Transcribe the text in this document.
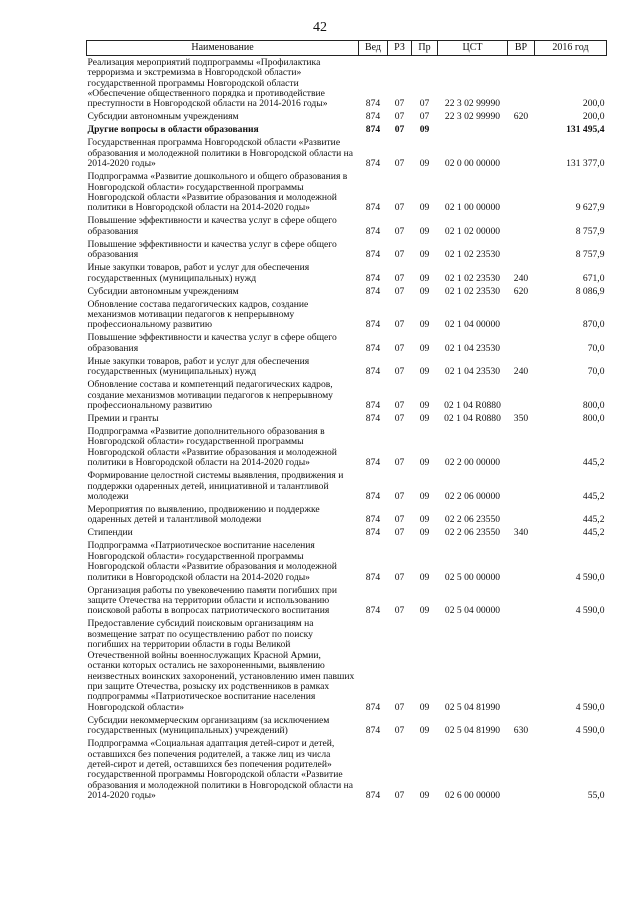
42
Наименование	Вед	РЗ	Пр	ЦСТ	ВР	2016 год
Реализация мероприятий подпрограммы «Профилактика терроризма и экстремизма в Новгородской области» государственной программы Новгородской области «Обеспечение общественного порядка и противодействие преступности в Новгородской области на 2014-2016 годы»	874	07	07	22 3 02 99990		200,0
Субсидии автономным учреждениям	874	07	07	22 3 02 99990	620	200,0
Другие вопросы в области образования	874	07	09			131 495,4
Государственная программа Новгородской области «Развитие образования и молодежной политики в Новгородской области на 2014-2020 годы»	874	07	09	02 0 00 00000		131 377,0
Подпрограмма «Развитие дошкольного и общего образования в Новгородской области» государственной программы Новгородской области «Развитие образования и молодежной политики в Новгородской области на 2014-2020 годы»	874	07	09	02 1 00 00000		9 627,9
Повышение эффективности и качества услуг в сфере общего образования	874	07	09	02 1 02 00000		8 757,9
Повышение эффективности и качества услуг в сфере общего образования	874	07	09	02 1 02 23530		8 757,9
Иные закупки товаров, работ и услуг для обеспечения государственных (муниципальных) нужд	874	07	09	02 1 02 23530	240	671,0
Субсидии автономным учреждениям	874	07	09	02 1 02 23530	620	8 086,9
Обновление состава педагогических кадров, создание механизмов мотивации педагогов к непрерывному профессиональному развитию	874	07	09	02 1 04 00000		870,0
Повышение эффективности и качества услуг в сфере общего образования	874	07	09	02 1 04 23530		70,0
Иные закупки товаров, работ и услуг для обеспечения государственных (муниципальных) нужд	874	07	09	02 1 04 23530	240	70,0
Обновление состава и компетенций педагогических кадров, создание механизмов мотивации педагогов к непрерывному профессиональному развитию	874	07	09	02 1 04 R0880		800,0
Премии и гранты	874	07	09	02 1 04 R0880	350	800,0
Подпрограмма «Развитие дополнительного образования в Новгородской области» государственной программы Новгородской области «Развитие образования и молодежной политики в Новгородской области на 2014-2020 годы»	874	07	09	02 2 00 00000		445,2
Формирование целостной системы выявления, продвижения и поддержки одаренных детей, инициативной и талантливой молодежи	874	07	09	02 2 06 00000		445,2
Мероприятия по выявлению, продвижению и поддержке одаренных детей и талантливой молодежи	874	07	09	02 2 06 23550		445,2
Стипендии	874	07	09	02 2 06 23550	340	445,2
Подпрограмма «Патриотическое воспитание населения Новгородской области» государственной программы Новгородской области «Развитие образования и молодежной политики в Новгородской области на 2014-2020 годы»	874	07	09	02 5 00 00000		4 590,0
Организация работы по увековечению памяти погибших при защите Отечества на территории области и использованию поисковой работы в вопросах патриотического воспитания	874	07	09	02 5 04 00000		4 590,0
Предоставление субсидий поисковым организациям на возмещение затрат по осуществлению работ по поиску погибших на территории области в годы Великой Отечественной войны военнослужащих Красной Армии, останки которых остались не захороненными, выявлению неизвестных воинских захоронений, установлению имен павших при защите Отечества, розыску их родственников в рамках подпрограммы «Патриотическое воспитание населения Новгородской области»	874	07	09	02 5 04 81990		4 590,0
Субсидии некоммерческим организациям (за исключением государственных (муниципальных) учреждений)	874	07	09	02 5 04 81990	630	4 590,0
Подпрограмма «Социальная адаптация детей-сирот и детей, оставшихся без попечения родителей, а также лиц из числа детей-сирот и детей, оставшихся без попечения родителей» государственной программы Новгородской области «Развитие образования и молодежной политики в Новгородской области на 2014-2020 годы»	874	07	09	02 6 00 00000		55,0
